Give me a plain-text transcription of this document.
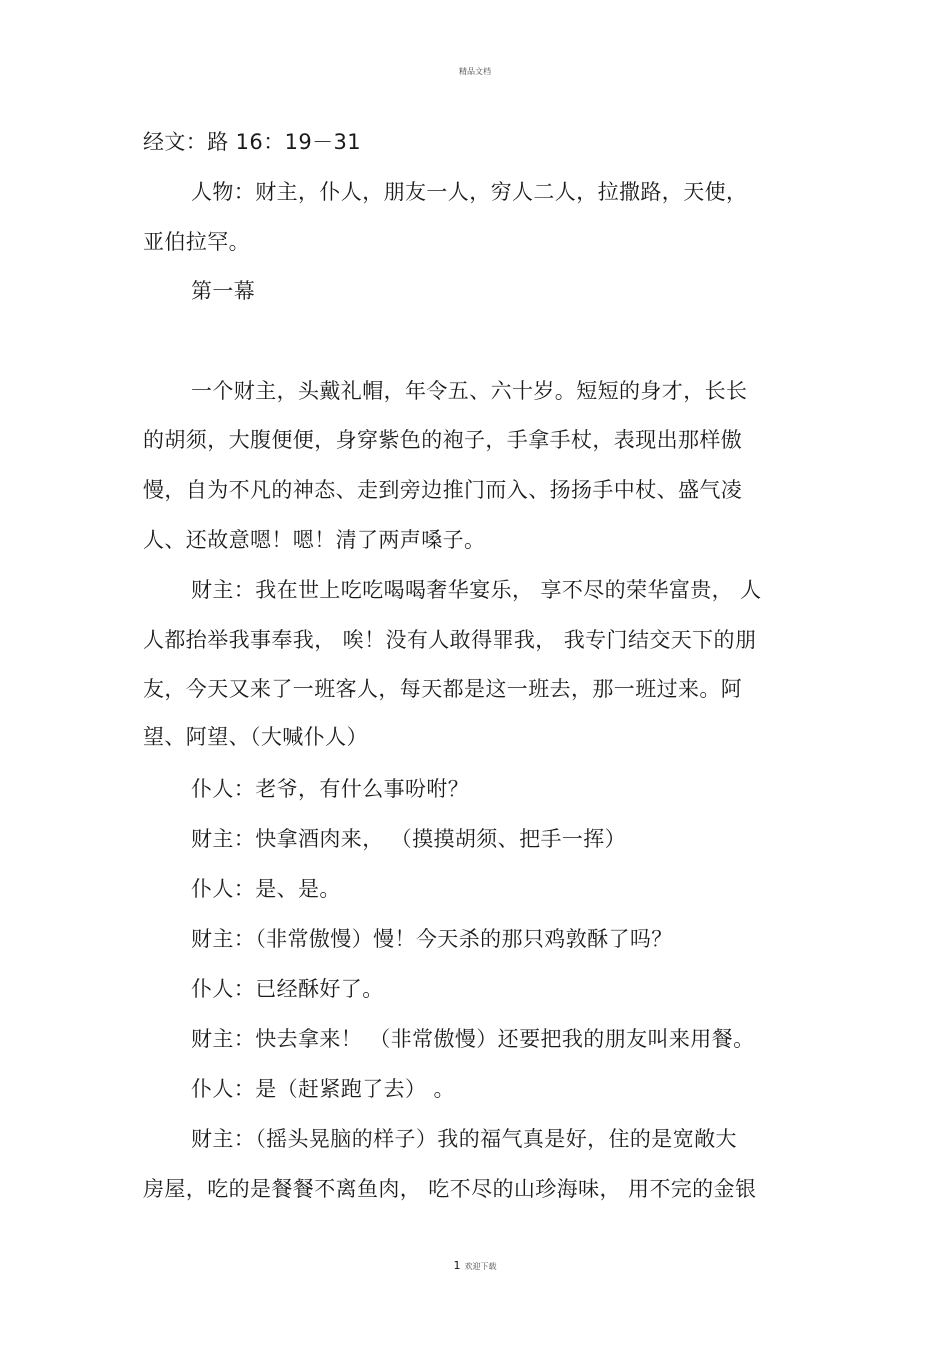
精品文档
经文：路 16：19－31
人物：财主，仆人，朋友一人，穷人二人，拉撒路，天使，
亚伯拉罕。
第一幕
一个财主，头戴礼帽，年令五、六十岁。短短的身才，长长
的胡须，大腹便便，身穿紫色的袍子，手拿手杖，表现出那样傲
慢，自为不凡的神态、走到旁边推门而入、扬扬手中杖、盛气凌
人、还故意嗯！嗯！清了两声嗓子。
财主：我在世上吃吃喝喝奢华宴乐， 享不尽的荣华富贵， 人
人都抬举我事奉我， 唉！没有人敢得罪我， 我专门结交天下的朋
友，今天又来了一班客人，每天都是这一班去，那一班过来。阿
望、阿望、（大喊仆人）
仆人：老爷，有什么事吩咐？
财主：快拿酒肉来， （摸摸胡须、把手一挥）
仆人：是、是。
财主：（非常傲慢）慢！今天杀的那只鸡敦酥了吗？
仆人：已经酥好了。
财主：快去拿来！ （非常傲慢）还要把我的朋友叫来用餐。
仆人：是（赶紧跑了去） 。
财主：（摇头晃脑的样子）我的福气真是好，住的是宽敞大
房屋，吃的是餐餐不离鱼肉， 吃不尽的山珍海味， 用不完的金银
1 欢迎下载
